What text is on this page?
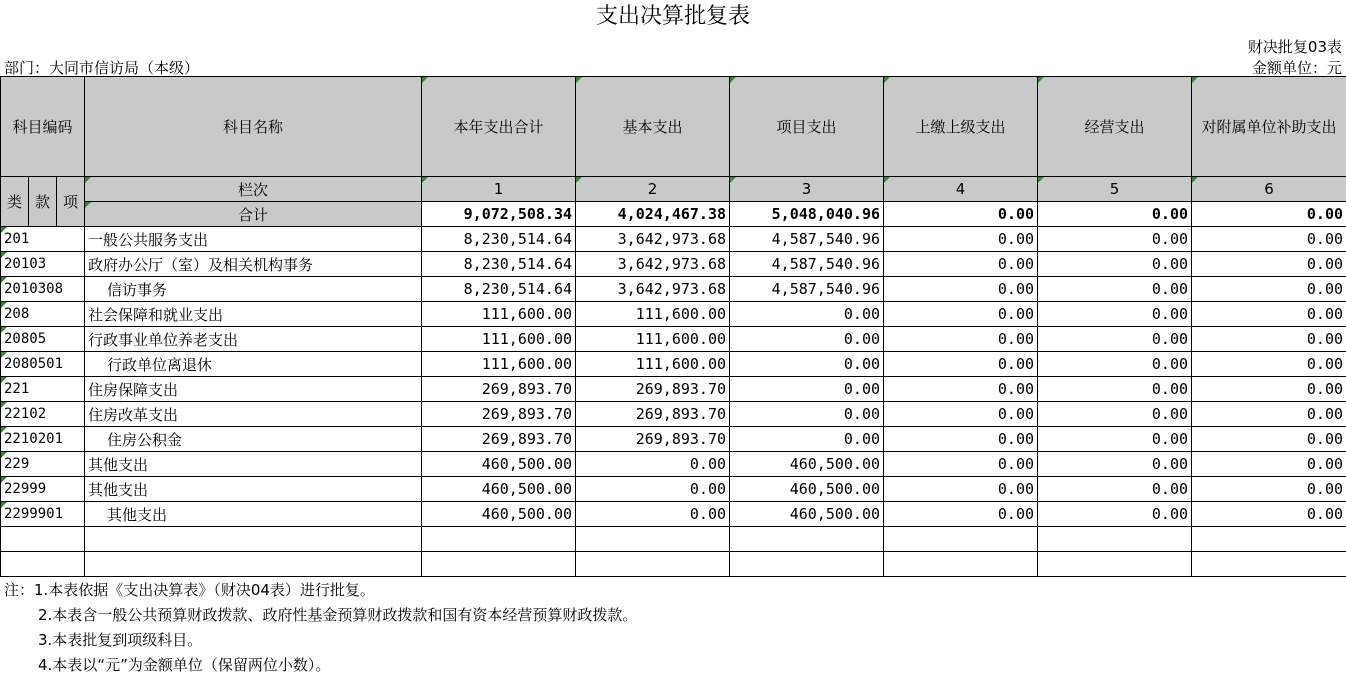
支出决算批复表
财决批复03表
部门：大同市信访局（本级）	金额单位：元
科目编码			科目名称	本年支出合计	基本支出	项目支出	上缴上级支出	经营支出	对附属单位补助支出
类	款	项	栏次	1	2	3	4	5	6
			合计	9,072,508.34	4,024,467.38	5,048,040.96	0.00	0.00	0.00
201			一般公共服务支出	8,230,514.64	3,642,973.68	4,587,540.96	0.00	0.00	0.00
20103			政府办公厅（室）及相关机构事务	8,230,514.64	3,642,973.68	4,587,540.96	0.00	0.00	0.00
2010308			信访事务	8,230,514.64	3,642,973.68	4,587,540.96	0.00	0.00	0.00
208			社会保障和就业支出	111,600.00	111,600.00	0.00	0.00	0.00	0.00
20805			行政事业单位养老支出	111,600.00	111,600.00	0.00	0.00	0.00	0.00
2080501			行政单位离退休	111,600.00	111,600.00	0.00	0.00	0.00	0.00
221			住房保障支出	269,893.70	269,893.70	0.00	0.00	0.00	0.00
22102			住房改革支出	269,893.70	269,893.70	0.00	0.00	0.00	0.00
2210201			住房公积金	269,893.70	269,893.70	0.00	0.00	0.00	0.00
229			其他支出	460,500.00	0.00	460,500.00	0.00	0.00	0.00
22999			其他支出	460,500.00	0.00	460,500.00	0.00	0.00	0.00
2299901			其他支出	460,500.00	0.00	460,500.00	0.00	0.00	0.00

注：1.本表依据《支出决算表》（财决04表）进行批复。
2.本表含一般公共预算财政拨款、政府性基金预算财政拨款和国有资本经营预算财政拨款。
3.本表批复到项级科目。
4.本表以“元”为金额单位（保留两位小数）。
